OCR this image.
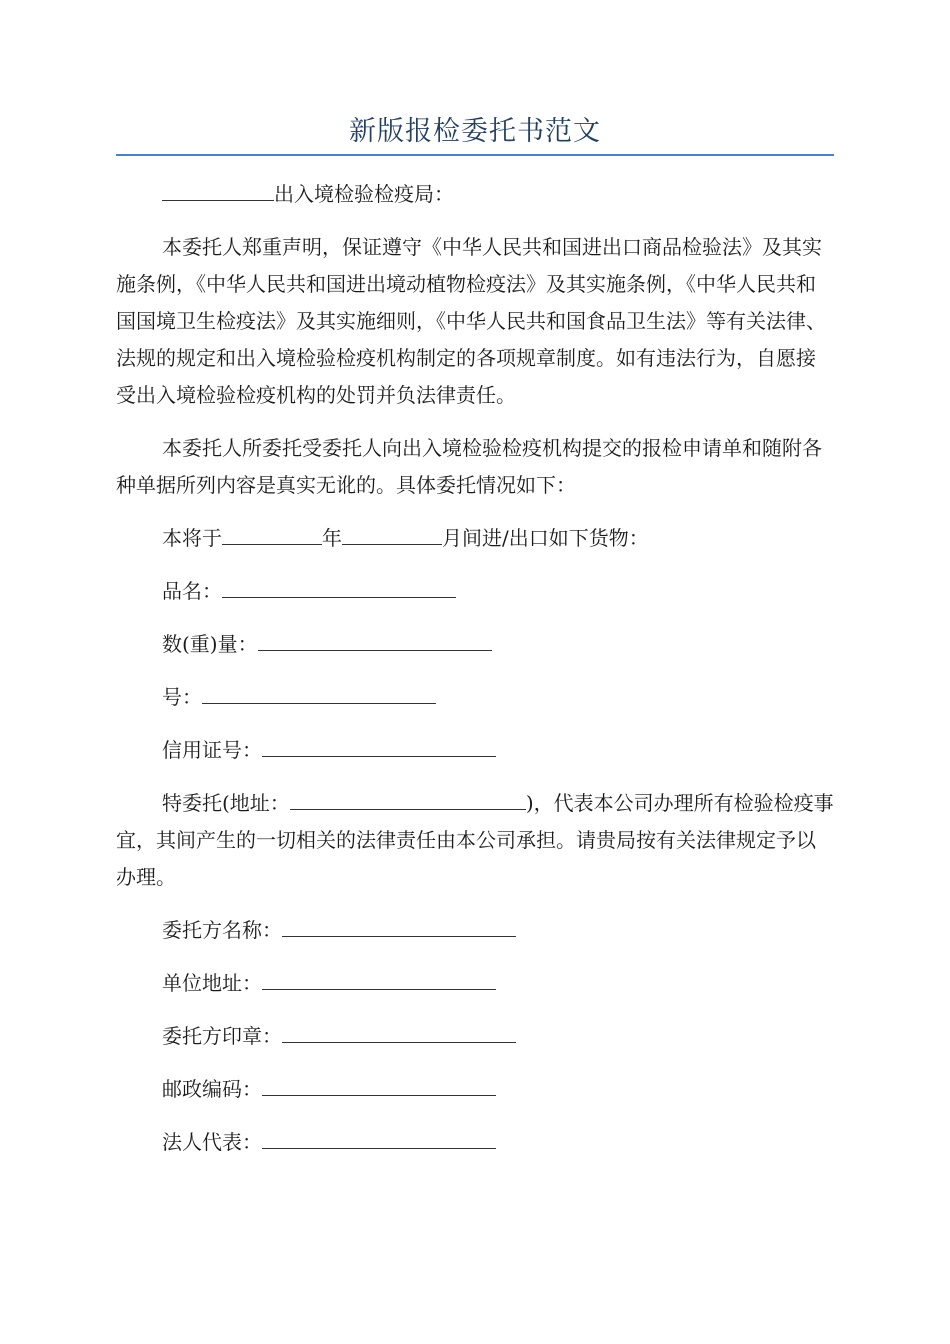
新版报检委托书范文

出入境检验检疫局：

本委托人郑重声明，保证遵守《中华人民共和国进出口商品检验法》及其实施条例，《中华人民共和国进出境动植物检疫法》及其实施条例，《中华人民共和国国境卫生检疫法》及其实施细则，《中华人民共和国食品卫生法》等有关法律、法规的规定和出入境检验检疫机构制定的各项规章制度。如有违法行为，自愿接受出入境检验检疫机构的处罚并负法律责任。

本委托人所委托受委托人向出入境检验检疫机构提交的报检申请单和随附各种单据所列内容是真实无讹的。具体委托情况如下：

本将于	年	月间进/出口如下货物：

品名：

数(重)量：

号：

信用证号：

特委托(地址：	)，代表本公司办理所有检验检疫事宜，其间产生的一切相关的法律责任由本公司承担。请贵局按有关法律规定予以办理。

委托方名称：

单位地址：

委托方印章：

邮政编码：

法人代表：
